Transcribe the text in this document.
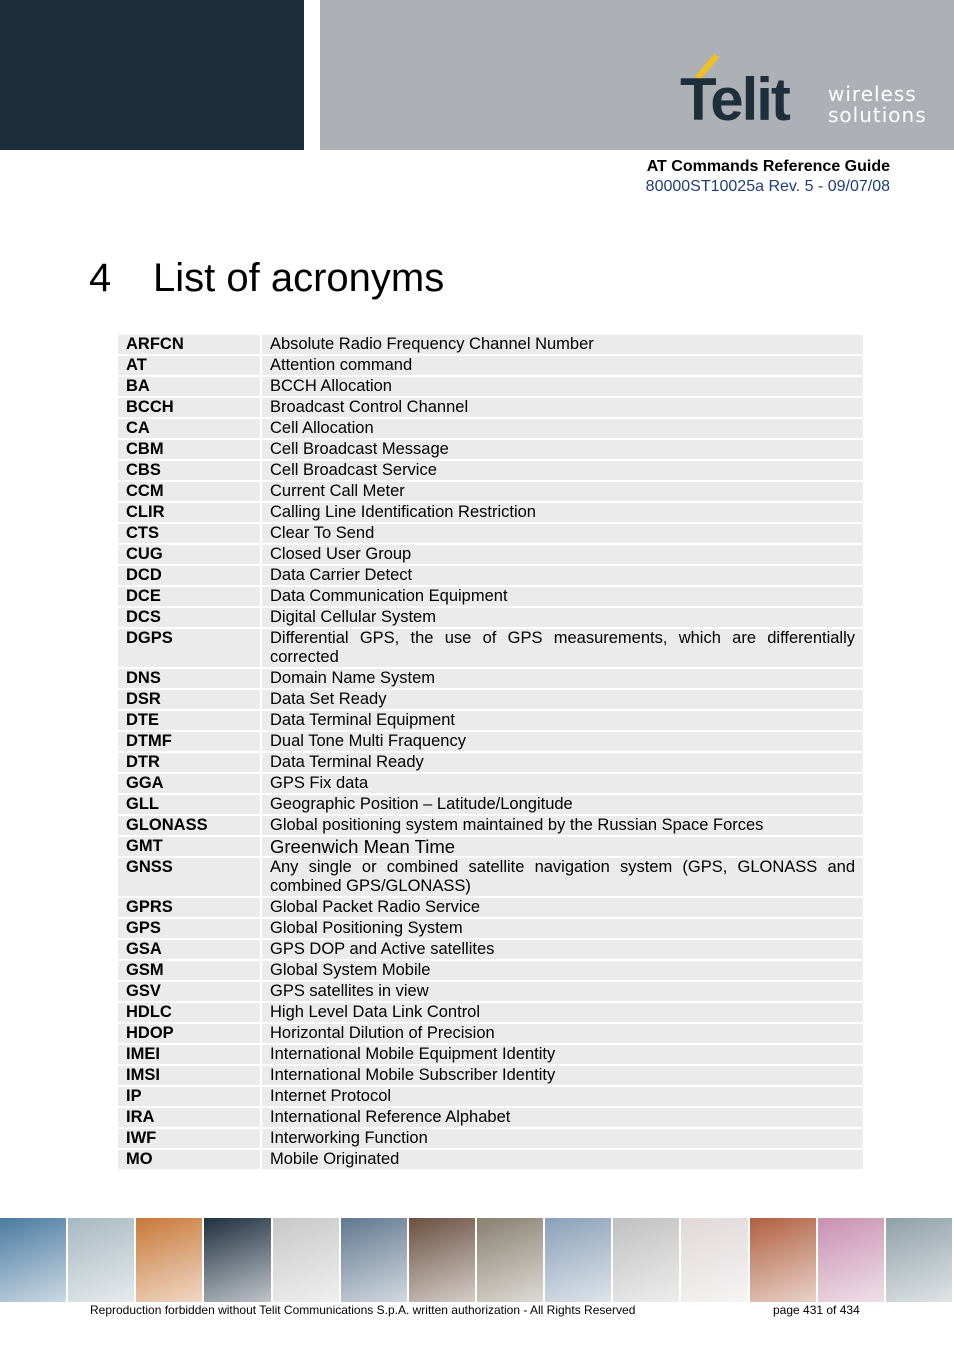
Telit wireless
solutions
AT Commands Reference Guide
80000ST10025a Rev. 5 - 09/07/08
4 List of acronyms
ARFCN	Absolute Radio Frequency Channel Number
AT	Attention command
BA	BCCH Allocation
BCCH	Broadcast Control Channel
CA	Cell Allocation
CBM	Cell Broadcast Message
CBS	Cell Broadcast Service
CCM	Current Call Meter
CLIR	Calling Line Identification Restriction
CTS	Clear To Send
CUG	Closed User Group
DCD	Data Carrier Detect
DCE	Data Communication Equipment
DCS	Digital Cellular System
DGPS	Differential GPS, the use of GPS measurements, which are differentially corrected
DNS	Domain Name System
DSR	Data Set Ready
DTE	Data Terminal Equipment
DTMF	Dual Tone Multi Fraquency
DTR	Data Terminal Ready
GGA	GPS Fix data
GLL	Geographic Position – Latitude/Longitude
GLONASS	Global positioning system maintained by the Russian Space Forces
GMT	Greenwich Mean Time
GNSS	Any single or combined satellite navigation system (GPS, GLONASS and combined GPS/GLONASS)
GPRS	Global Packet Radio Service
GPS	Global Positioning System
GSA	GPS DOP and Active satellites
GSM	Global System Mobile
GSV	GPS satellites in view
HDLC	High Level Data Link Control
HDOP	Horizontal Dilution of Precision
IMEI	International Mobile Equipment Identity
IMSI	International Mobile Subscriber Identity
IP	Internet Protocol
IRA	International Reference Alphabet
IWF	Interworking Function
MO	Mobile Originated
Reproduction forbidden without Telit Communications S.p.A. written authorization - All Rights Reserved	page 431 of 434
